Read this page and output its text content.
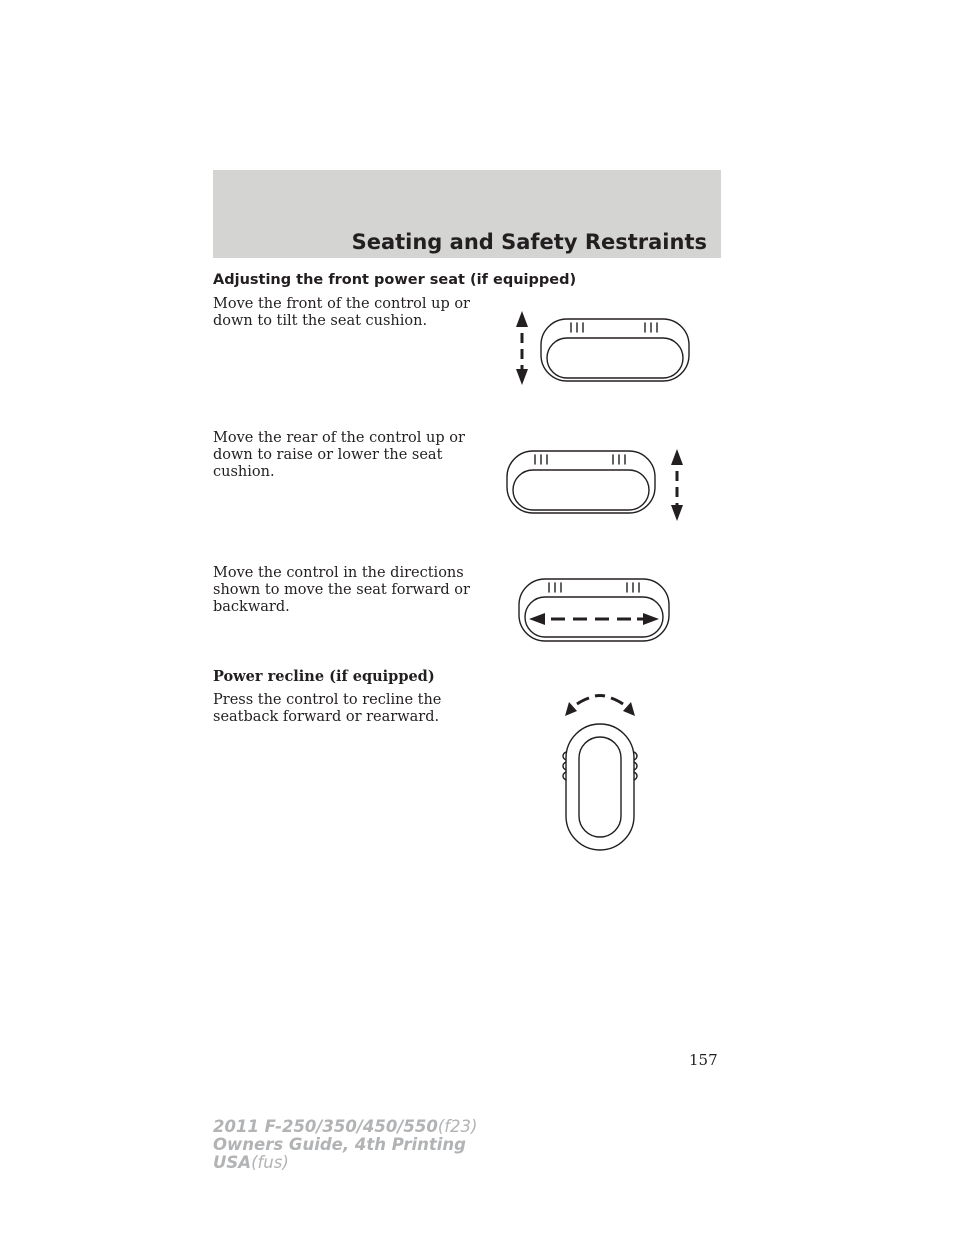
Seating and Safety Restraints
Adjusting the front power seat (if equipped)

Move the front of the control up or down to tilt the seat cushion.

Move the rear of the control up or down to raise or lower the seat cushion.

Move the control in the directions shown to move the seat forward or backward.

Power recline (if equipped)

Press the control to recline the seatback forward or rearward.

157
2011 F-250/350/450/550(f23)
Owners Guide, 4th Printing
USA(fus)
